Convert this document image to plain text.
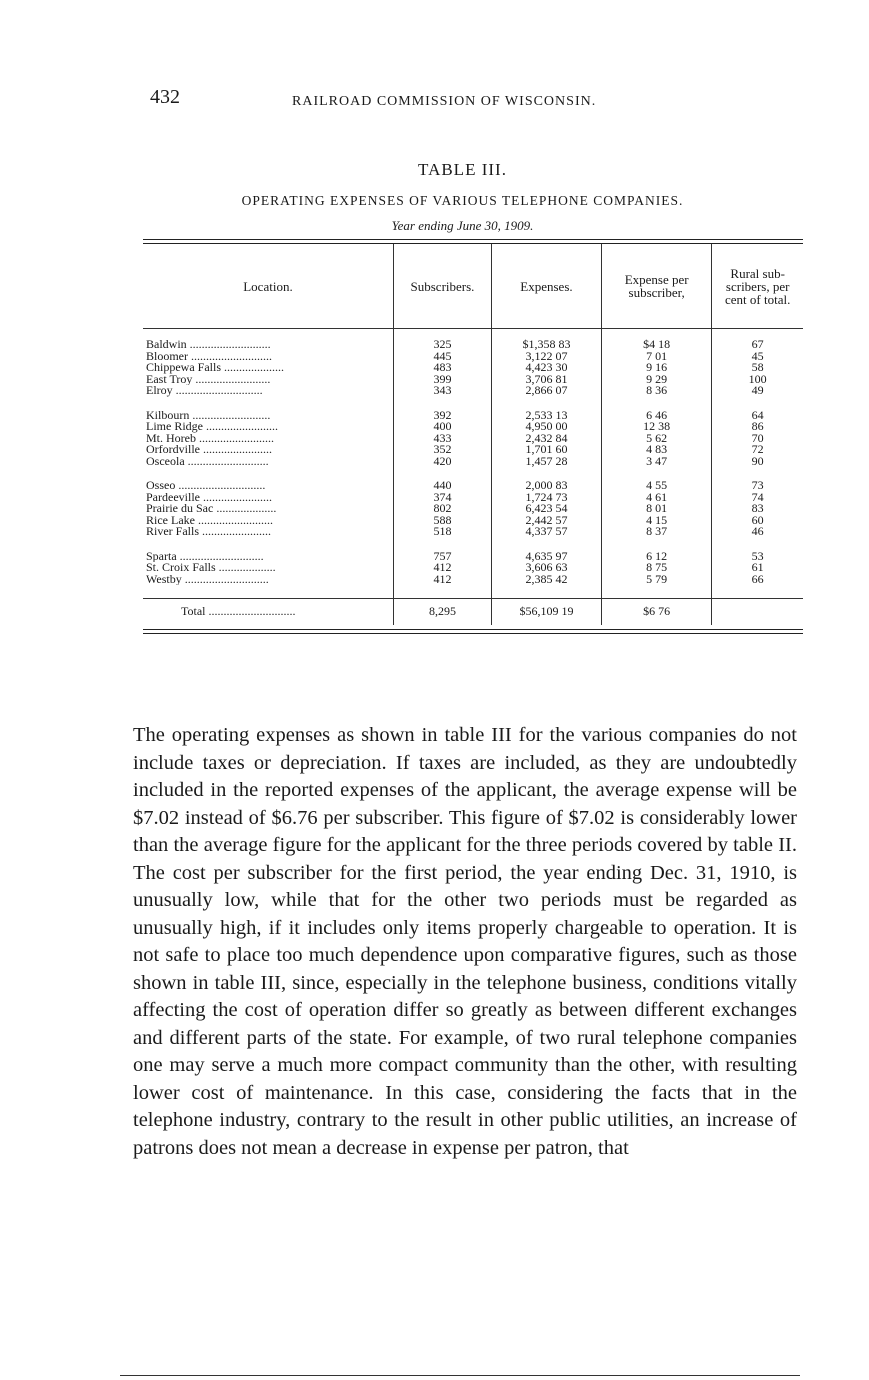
432	RAILROAD COMMISSION OF WISCONSIN.
TABLE III.
OPERATING EXPENSES OF VARIOUS TELEPHONE COMPANIES.
Year ending June 30, 1909.
Location.	Subscribers.	Expenses.	Expense per subscriber,	Rural sub-scribers, per cent of total.

Baldwin ...........................	325	$1,358 83	$4 18	67
Bloomer ...........................	445	3,122 07	7 01	45
Chippewa Falls ....................	483	4,423 30	9 16	58
East Troy .........................	399	3,706 81	9 29	100
Elroy .............................	343	2,866 07	8 36	49

Kilbourn ..........................	392	2,533 13	6 46	64
Lime Ridge ........................	400	4,950 00	12 38	86
Mt. Horeb .........................	433	2,432 84	5 62	70
Orfordville .......................	352	1,701 60	4 83	72
Osceola ...........................	420	1,457 28	3 47	90

Osseo .............................	440	2,000 83	4 55	73
Pardeeville .......................	374	1,724 73	4 61	74
Prairie du Sac ....................	802	6,423 54	8 01	83
Rice Lake .........................	588	2,442 57	4 15	60
River Falls .......................	518	4,337 57	8 37	46

Sparta ............................	757	4,635 97	6 12	53
St. Croix Falls ...................	412	3,606 63	8 75	61
Westby ............................	412	2,385 42	5 79	66

Total .............................	8,295	$56,109 19	$6 76	
The operating expenses as shown in table III for the various companies do not include taxes or depreciation. If taxes are included, as they are undoubtedly included in the reported expenses of the applicant, the average expense will be $7.02 instead of $6.76 per subscriber. This figure of $7.02 is considerably lower than the average figure for the applicant for the three periods covered by table II. The cost per subscriber for the first period, the year ending Dec. 31, 1910, is unusually low, while that for the other two periods must be regarded as unusually high, if it includes only items properly chargeable to operation. It is not safe to place too much dependence upon comparative figures, such as those shown in table III, since, especially in the telephone business, conditions vitally affecting the cost of operation differ so greatly as between different exchanges and different parts of the state. For example, of two rural telephone companies one may serve a much more compact community than the other, with resulting lower cost of maintenance. In this case, considering the facts that in the telephone industry, contrary to the result in other public utilities, an increase of patrons does not mean a decrease in expense per patron, that
